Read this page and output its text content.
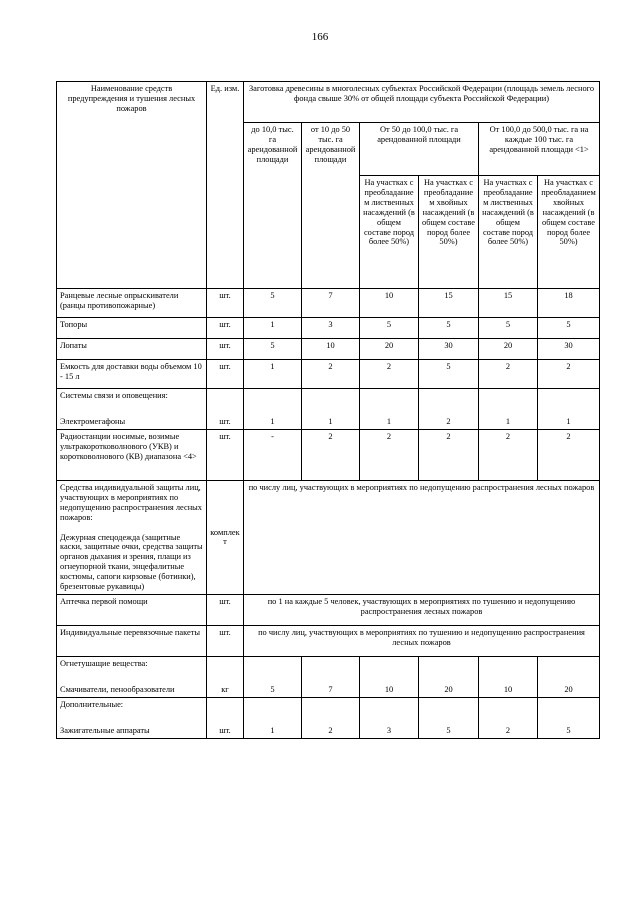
166
Наименование средств предупреждения и тушения лесных пожаров	Ед. изм.	Заготовка древесины в многолесных субъектах Российской Федерации (площадь земель лесного фонда свыше 30% от общей площади субъекта Российской Федерации)					
		до 10,0 тыс. га арендованной площади	от 10 до 50 тыс. га арендованной площади	От 50 до 100,0 тыс. га арендованной площади		От 100,0 до 500,0 тыс. га на каждые 100 тыс. га арендованной площади <1>	
				На участках с преобладанием лиственных насаждений (в общем составе пород более 50%)	На участках с преобладанием хвойных насаждений (в общем составе пород более 50%)	На участках с преобладанием лиственных насаждений (в общем составе пород более 50%)	На участках с преобладанием хвойных насаждений (в общем составе пород более 50%)
Ранцевые лесные опрыскиватели (ранцы противопожарные)	шт.	5	7	10	15	15	18
Топоры	шт.	1	3	5	5	5	5
Лопаты	шт.	5	10	20	30	20	30
Емкость для доставки воды объемом 10 - 15 л	шт.	1	2	2	5	2	2

Системы связи и оповещения:
Электромегафоны	шт.	1	1	1	2	1	1

Радиостанции носимые, возимые ультракоротковолнового (УКВ) и коротковолнового (КВ) диапазона <4>	шт.	-	2	2	2	2	2

Средства индивидуальной защиты лиц, участвующих в мероприятиях по недопущению распространения лесных пожаров:
Дежурная спецодежда (защитные каски, защитные очки, средства защиты органов дыхания и зрения, плащи из огнеупорной ткани, энцефалитные костюмы, сапоги кирзовые (ботинки), брезентовые рукавицы)	комплект	по числу лиц, участвующих в мероприятиях по недопущению распространения лесных пожаров					
Аптечка первой помощи	шт.	по 1 на каждые 5 человек, участвующих в мероприятиях по тушению и недопущению распространения лесных пожаров					
Индивидуальные перевязочные пакеты	шт.	по числу лиц, участвующих в мероприятиях по тушению и недопущению распространения лесных пожаров					

Огнетушащие вещества:
Смачиватели, пенообразователи	кг	5	7	10	20	10	20

Дополнительные:
Зажигательные аппараты	шт.	1	2	3	5	2	5
